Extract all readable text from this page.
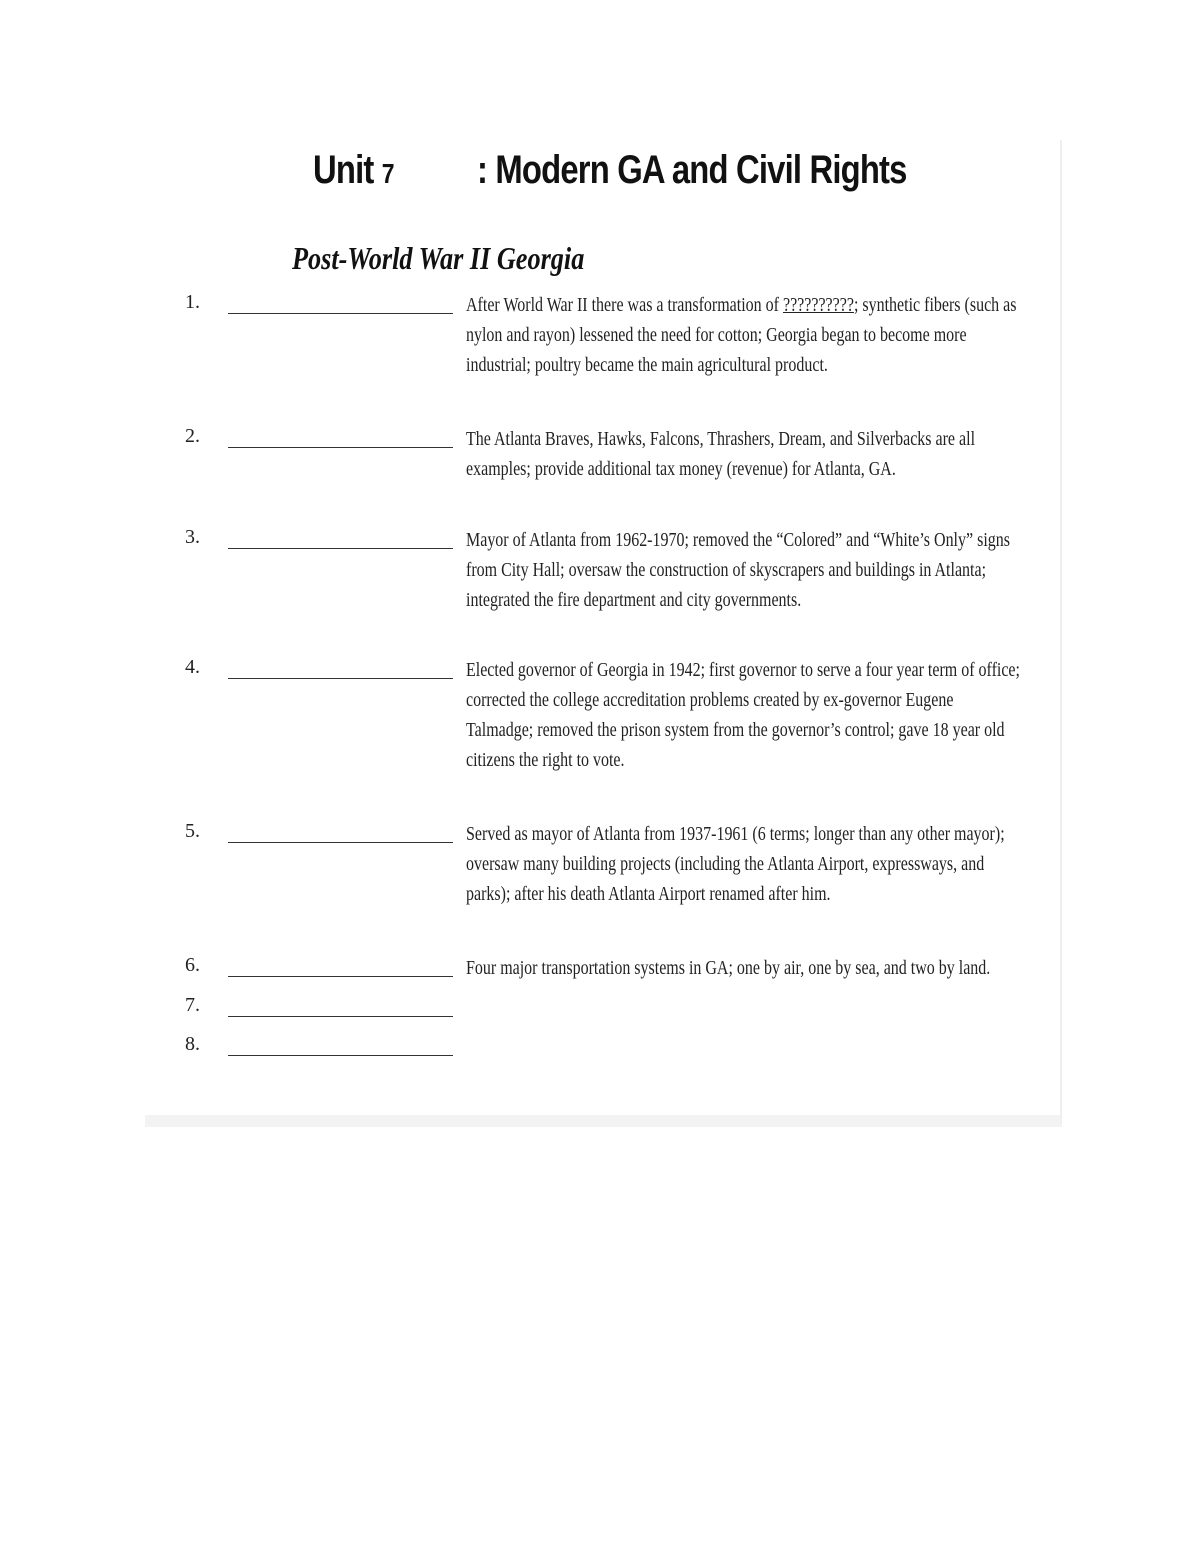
Unit 7 : Modern GA and Civil Rights
Post-World War II Georgia
1.	After World War II there was a transformation of ??????????; synthetic fibers (such as nylon and rayon) lessened the need for cotton; Georgia began to become more industrial; poultry became the main agricultural product.
2.	The Atlanta Braves, Hawks, Falcons, Thrashers, Dream, and Silverbacks are all examples; provide additional tax money (revenue) for Atlanta, GA.
3.	Mayor of Atlanta from 1962-1970; removed the “Colored” and “White’s Only” signs from City Hall; oversaw the construction of skyscrapers and buildings in Atlanta; integrated the fire department and city governments.
4.	Elected governor of Georgia in 1942; first governor to serve a four year term of office; corrected the college accreditation problems created by ex-governor Eugene Talmadge; removed the prison system from the governor’s control; gave 18 year old citizens the right to vote.
5.	Served as mayor of Atlanta from 1937-1961 (6 terms; longer than any other mayor); oversaw many building projects (including the Atlanta Airport, expressways, and parks); after his death Atlanta Airport renamed after him.
6.	Four major transportation systems in GA; one by air, one by sea, and two by land.
7.
8.
